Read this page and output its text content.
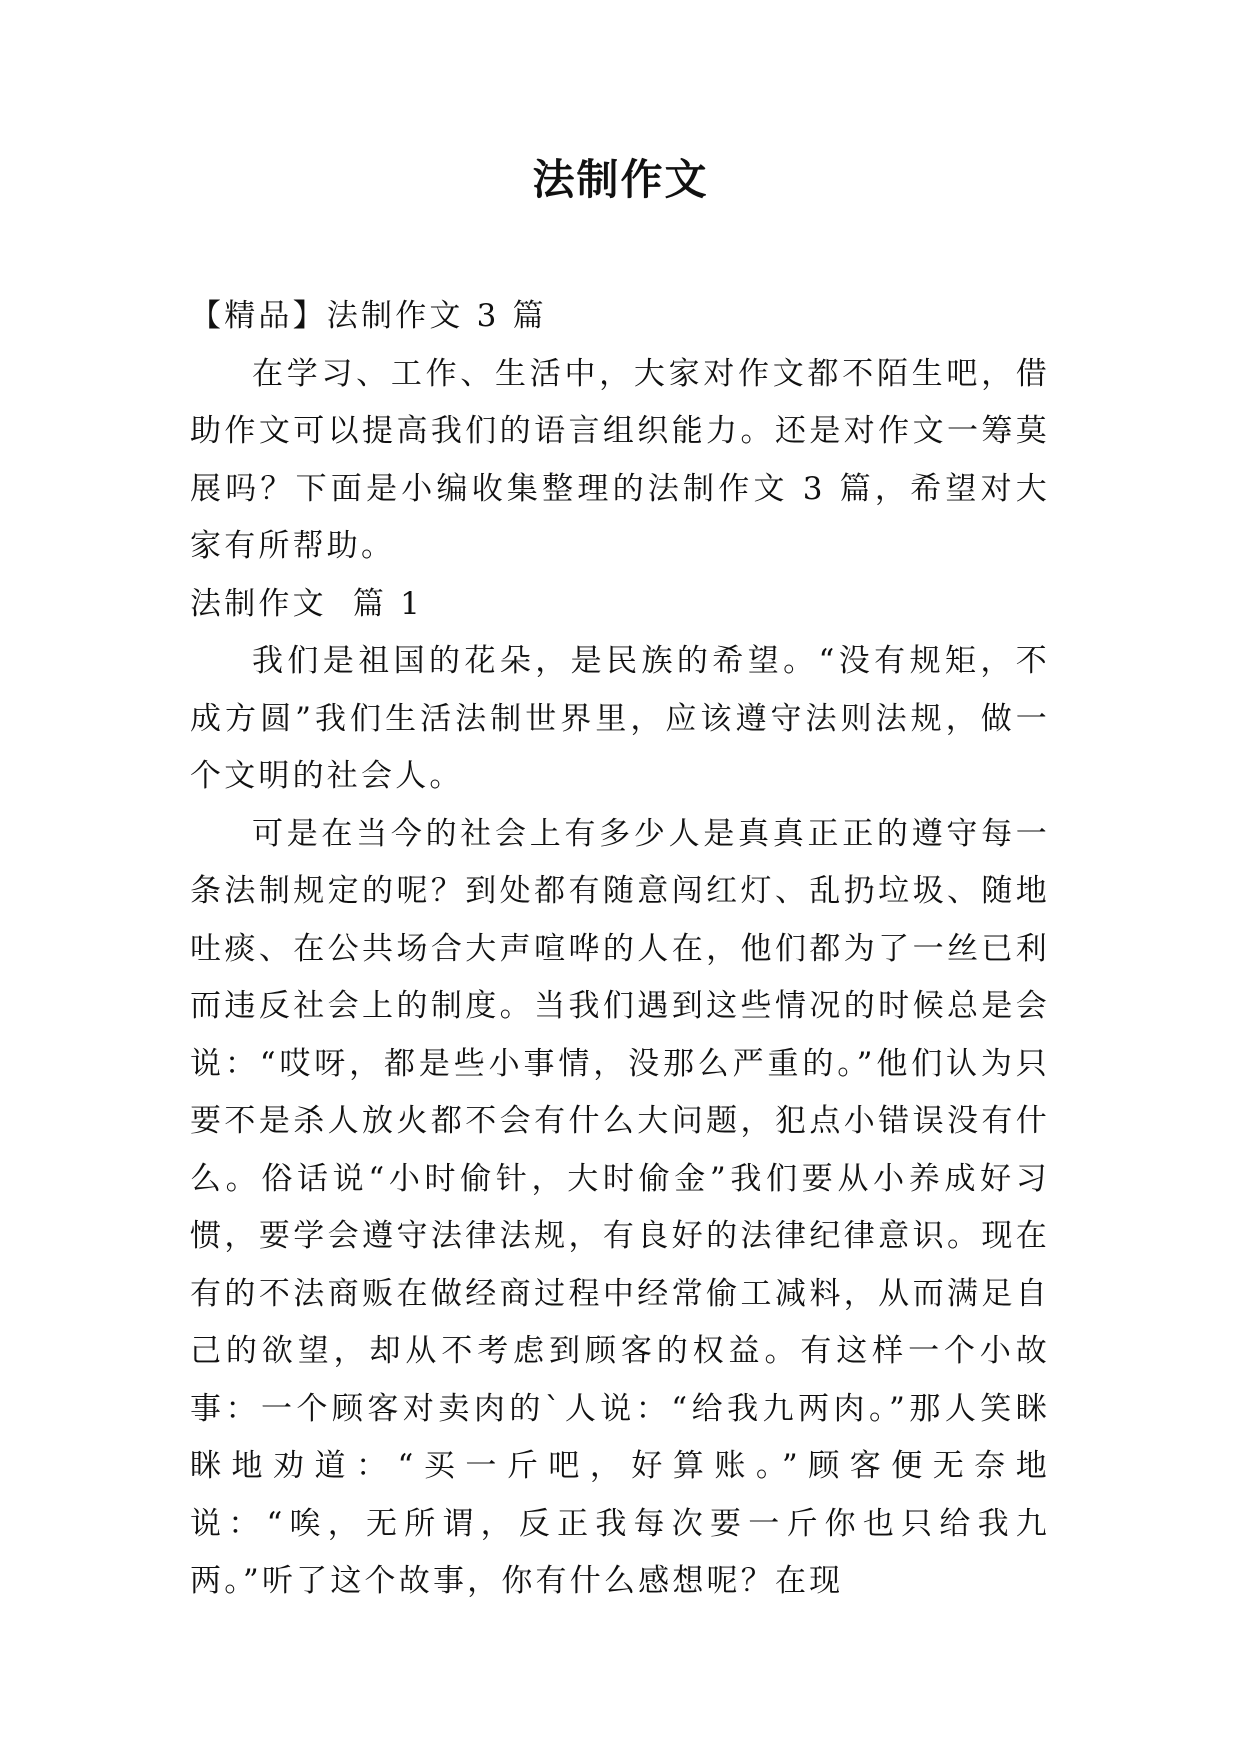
法制作文

【精品】法制作文 3 篇

在学习、工作、生活中，大家对作文都不陌生吧，借助作文可以提高我们的语言组织能力。还是对作文一筹莫展吗？下面是小编收集整理的法制作文 3 篇，希望对大家有所帮助。

法制作文  篇 1

我们是祖国的花朵，是民族的希望。“没有规矩，不成方圆”我们生活法制世界里，应该遵守法则法规，做一个文明的社会人。

可是在当今的社会上有多少人是真真正正的遵守每一条法制规定的呢？到处都有随意闯红灯、乱扔垃圾、随地吐痰、在公共场合大声喧哗的人在，他们都为了一丝已利而违反社会上的制度。当我们遇到这些情况的时候总是会说：“哎呀，都是些小事情，没那么严重的。”他们认为只要不是杀人放火都不会有什么大问题，犯点小错误没有什么。俗话说“小时偷针，大时偷金”我们要从小养成好习惯，要学会遵守法律法规，有良好的法律纪律意识。现在有的不法商贩在做经商过程中经常偷工减料，从而满足自己的欲望，却从不考虑到顾客的权益。有这样一个小故事：一个顾客对卖肉的`人说：“给我九两肉。”那人笑眯眯地劝道：“买一斤吧，好算账。”顾客便无奈地说：“唉，无所谓，反正我每次要一斤你也只给我九两。”听了这个故事，你有什么感想呢？在现
